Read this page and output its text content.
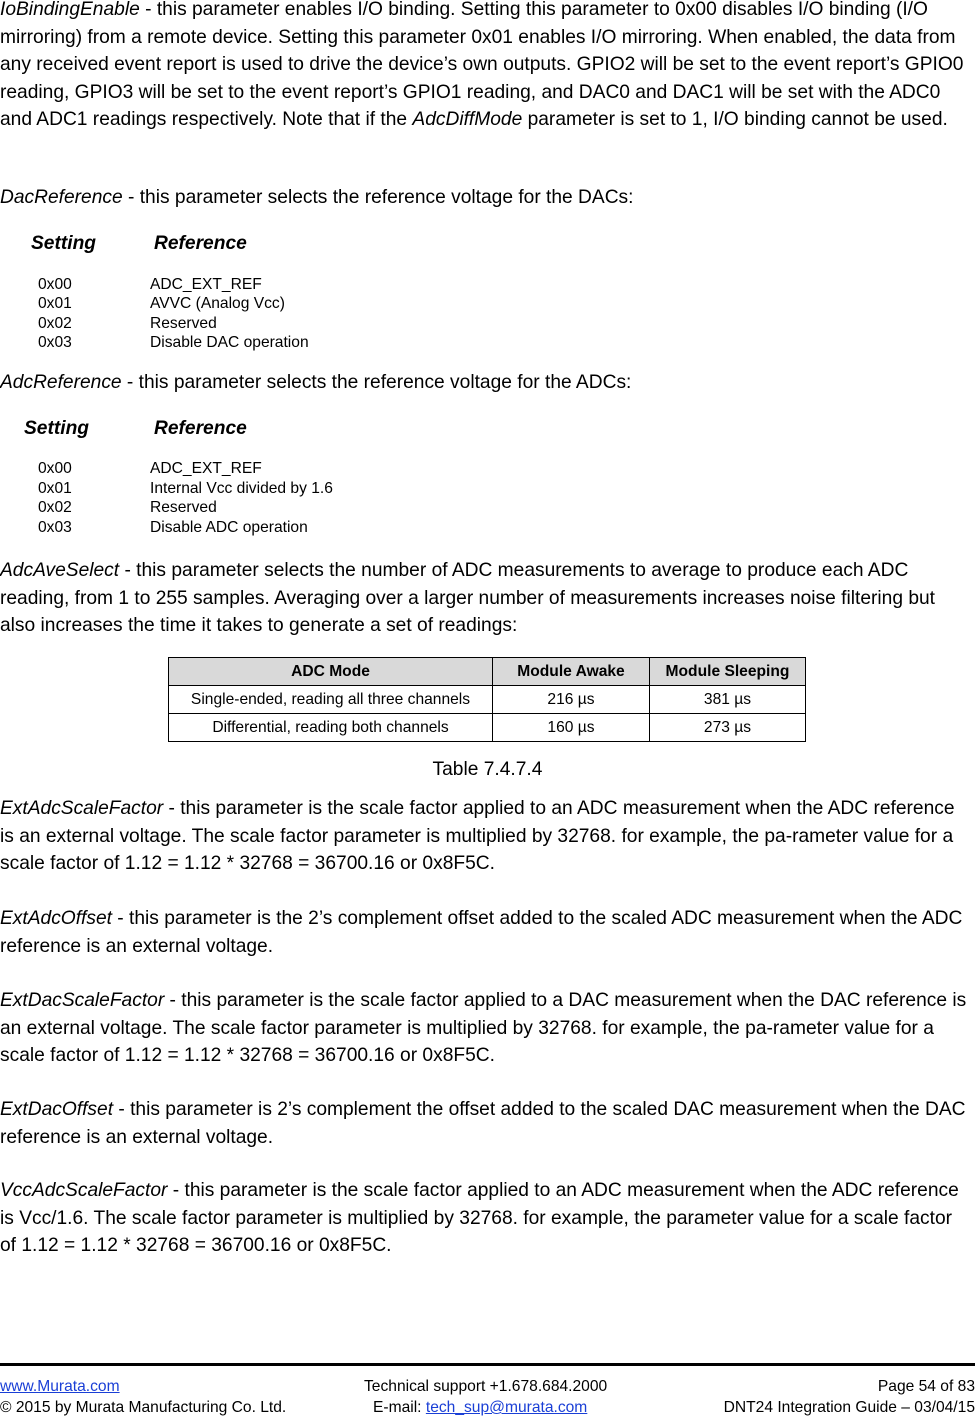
IoBindingEnable - this parameter enables I/O binding. Setting this parameter to 0x00 disables I/O binding (I/O mirroring) from a remote device. Setting this parameter 0x01 enables I/O mirroring. When enabled, the data from any received event report is used to drive the device’s own outputs. GPIO2 will be set to the event report’s GPIO0 reading, GPIO3 will be set to the event report’s GPIO1 reading, and DAC0 and DAC1 will be set with the ADC0 and ADC1 readings respectively. Note that if the AdcDiffMode parameter is set to 1, I/O binding cannot be used.

DacReference - this parameter selects the reference voltage for the DACs:

Setting	Reference
0x00	ADC_EXT_REF
0x01	AVVC (Analog Vcc)
0x02	Reserved
0x03	Disable DAC operation

AdcReference - this parameter selects the reference voltage for the ADCs:

Setting	Reference
0x00	ADC_EXT_REF
0x01	Internal Vcc divided by 1.6
0x02	Reserved
0x03	Disable ADC operation

AdcAveSelect - this parameter selects the number of ADC measurements to average to produce each ADC reading, from 1 to 255 samples. Averaging over a larger number of measurements increases noise filtering but also increases the time it takes to generate a set of readings:

ADC Mode	Module Awake	Module Sleeping
Single-ended, reading all three channels	216 µs	381 µs
Differential, reading both channels	160 µs	273 µs
Table 7.4.7.4

ExtAdcScaleFactor - this parameter is the scale factor applied to an ADC measurement when the ADC reference is an external voltage. The scale factor parameter is multiplied by 32768. for example, the pa-rameter value for a scale factor of 1.12 = 1.12 * 32768 = 36700.16 or 0x8F5C.

ExtAdcOffset - this parameter is the 2’s complement offset added to the scaled ADC measurement when the ADC reference is an external voltage.

ExtDacScaleFactor - this parameter is the scale factor applied to a DAC measurement when the DAC reference is an external voltage. The scale factor parameter is multiplied by 32768. for example, the pa-rameter value for a scale factor of 1.12 = 1.12 * 32768 = 36700.16 or 0x8F5C.

ExtDacOffset - this parameter is 2’s complement the offset added to the scaled DAC measurement when the DAC reference is an external voltage.

VccAdcScaleFactor - this parameter is the scale factor applied to an ADC measurement when the ADC reference is Vcc/1.6. The scale factor parameter is multiplied by 32768. for example, the parameter value for a scale factor of 1.12 = 1.12 * 32768 = 36700.16 or 0x8F5C.

www.Murata.com
© 2015 by Murata Manufacturing Co. Ltd.
Technical support +1.678.684.2000
E-mail: tech_sup@murata.com
Page 54 of 83
DNT24 Integration Guide – 03/04/15
